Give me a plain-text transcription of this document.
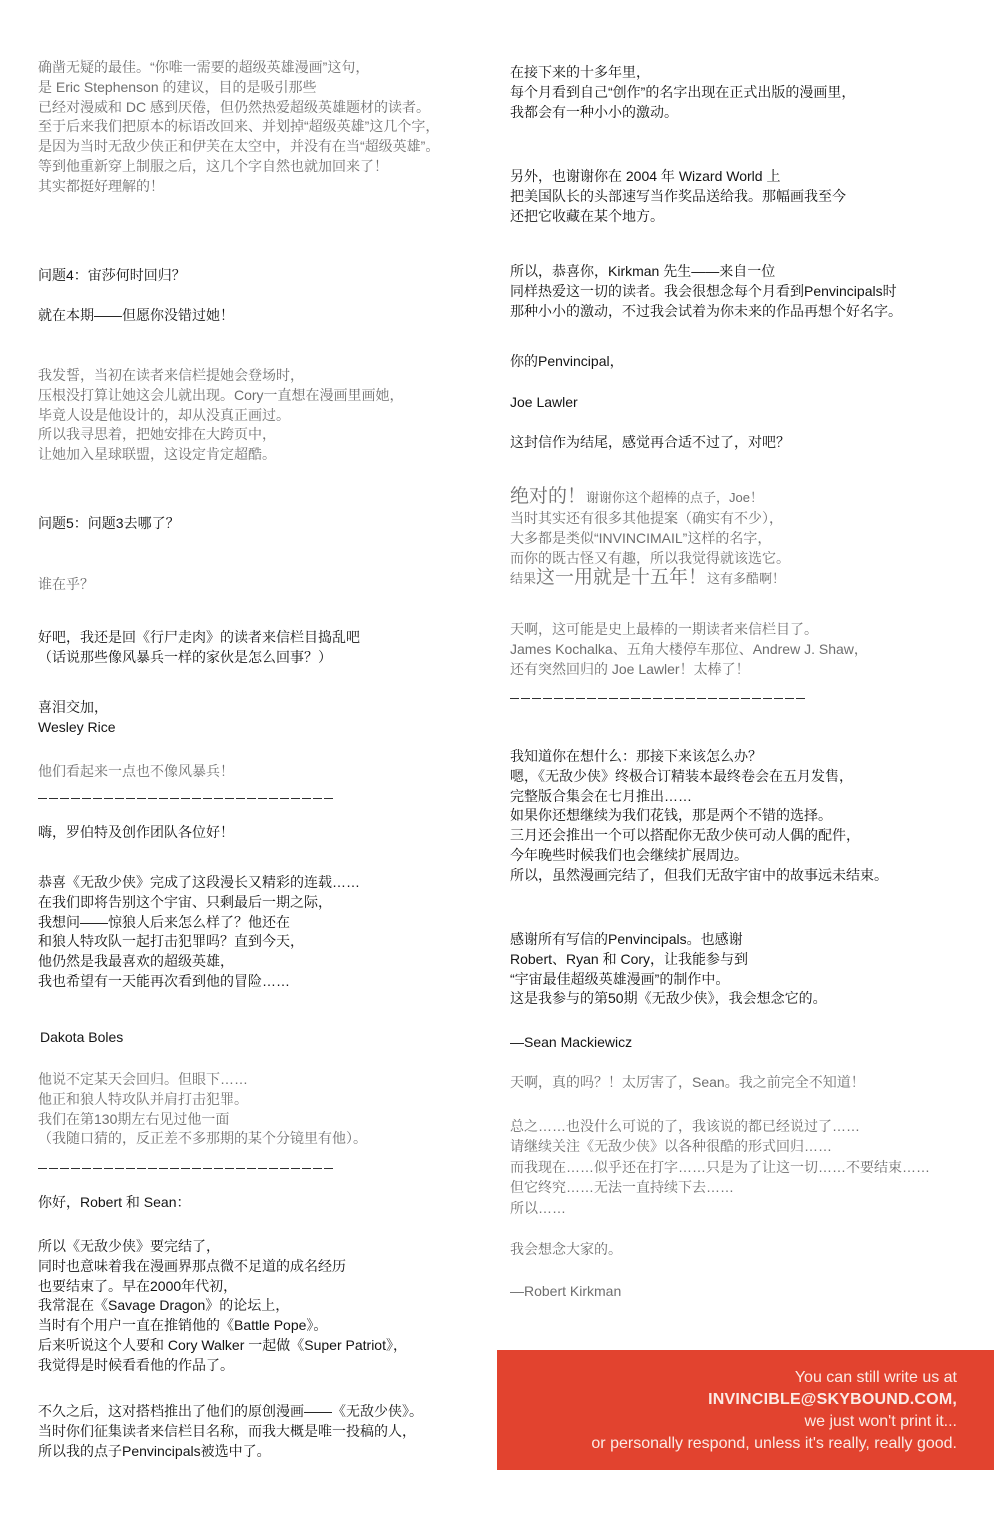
确凿无疑的最佳。“你唯一需要的超级英雄漫画”这句，
是 Eric Stephenson 的建议，目的是吸引那些
已经对漫威和 DC 感到厌倦，但仍然热爱超级英雄题材的读者。
至于后来我们把原本的标语改回来、并划掉“超级英雄”这几个字，
是因为当时无敌少侠正和伊芙在太空中，并没有在当“超级英雄”。
等到他重新穿上制服之后，这几个字自然也就加回来了！
其实都挺好理解的！
问题4：宙莎何时回归？
就在本期——但愿你没错过她！
我发誓，当初在读者来信栏提她会登场时，
压根没打算让她这会儿就出现。Cory一直想在漫画里画她，
毕竟人设是他设计的，却从没真正画过。
所以我寻思着，把她安排在大跨页中，
让她加入星球联盟，这设定肯定超酷。
问题5：问题3去哪了？
谁在乎？
好吧，我还是回《行尸走肉》的读者来信栏目捣乱吧
（话说那些像风暴兵一样的家伙是怎么回事？）
喜泪交加，
Wesley Rice
他们看起来一点也不像风暴兵！
———————————————————————————
嗨，罗伯特及创作团队各位好！
恭喜《无敌少侠》完成了这段漫长又精彩的连载……
在我们即将告别这个宇宙、只剩最后一期之际，
我想问——惊狼人后来怎么样了？他还在
和狼人特攻队一起打击犯罪吗？直到今天，
他仍然是我最喜欢的超级英雄，
我也希望有一天能再次看到他的冒险……
Dakota Boles
他说不定某天会回归。但眼下……
他正和狼人特攻队并肩打击犯罪。
我们在第130期左右见过他一面
（我随口猜的，反正差不多那期的某个分镜里有他）。
———————————————————————————
你好，Robert 和 Sean：
所以《无敌少侠》要完结了，
同时也意味着我在漫画界那点微不足道的成名经历
也要结束了。早在2000年代初，
我常混在《Savage Dragon》的论坛上，
当时有个用户一直在推销他的《Battle Pope》。
后来听说这个人要和 Cory Walker 一起做《Super Patriot》，
我觉得是时候看看他的作品了。
不久之后，这对搭档推出了他们的原创漫画——《无敌少侠》。
当时你们征集读者来信栏目名称，而我大概是唯一投稿的人，
所以我的点子Penvincipals被选中了。
在接下来的十多年里，
每个月看到自己“创作”的名字出现在正式出版的漫画里，
我都会有一种小小的激动。
另外，也谢谢你在 2004 年 Wizard World 上
把美国队长的头部速写当作奖品送给我。那幅画我至今
还把它收藏在某个地方。
所以，恭喜你，Kirkman 先生——来自一位
同样热爱这一切的读者。我会很想念每个月看到Penvincipals时
那种小小的激动，不过我会试着为你未来的作品再想个好名字。
你的Penvincipal，
Joe Lawler
这封信作为结尾，感觉再合适不过了，对吧？
绝对的！谢谢你这个超棒的点子，Joe！
当时其实还有很多其他提案（确实有不少），
大多都是类似“INVINCIMAIL”这样的名字，
而你的既古怪又有趣，所以我觉得就该选它。
结果这一用就是十五年！这有多酷啊！
天啊，这可能是史上最棒的一期读者来信栏目了。
James Kochalka、五角大楼停车那位、Andrew J. Shaw，
还有突然回归的 Joe Lawler！太棒了！
———————————————————————————
我知道你在想什么：那接下来该怎么办？
嗯，《无敌少侠》终极合订精装本最终卷会在五月发售，
完整版合集会在七月推出……
如果你还想继续为我们花钱，那是两个不错的选择。
三月还会推出一个可以搭配你无敌少侠可动人偶的配件，
今年晚些时候我们也会继续扩展周边。
所以，虽然漫画完结了，但我们无敌宇宙中的故事远未结束。
感谢所有写信的Penvincipals。也感谢
Robert、Ryan 和 Cory，让我能参与到
“宇宙最佳超级英雄漫画”的制作中。
这是我参与的第50期《无敌少侠》，我会想念它的。
—Sean Mackiewicz
天啊，真的吗？！太厉害了，Sean。我之前完全不知道！
总之……也没什么可说的了，我该说的都已经说过了……
请继续关注《无敌少侠》以各种很酷的形式回归……
而我现在……似乎还在打字……只是为了让这一切……不要结束……
但它终究……无法一直持续下去……
所以……
我会想念大家的。
—Robert Kirkman
You can still write us at
INVINCIBLE@SKYBOUND.COM,
we just won't print it...
or personally respond, unless it's really, really good.
